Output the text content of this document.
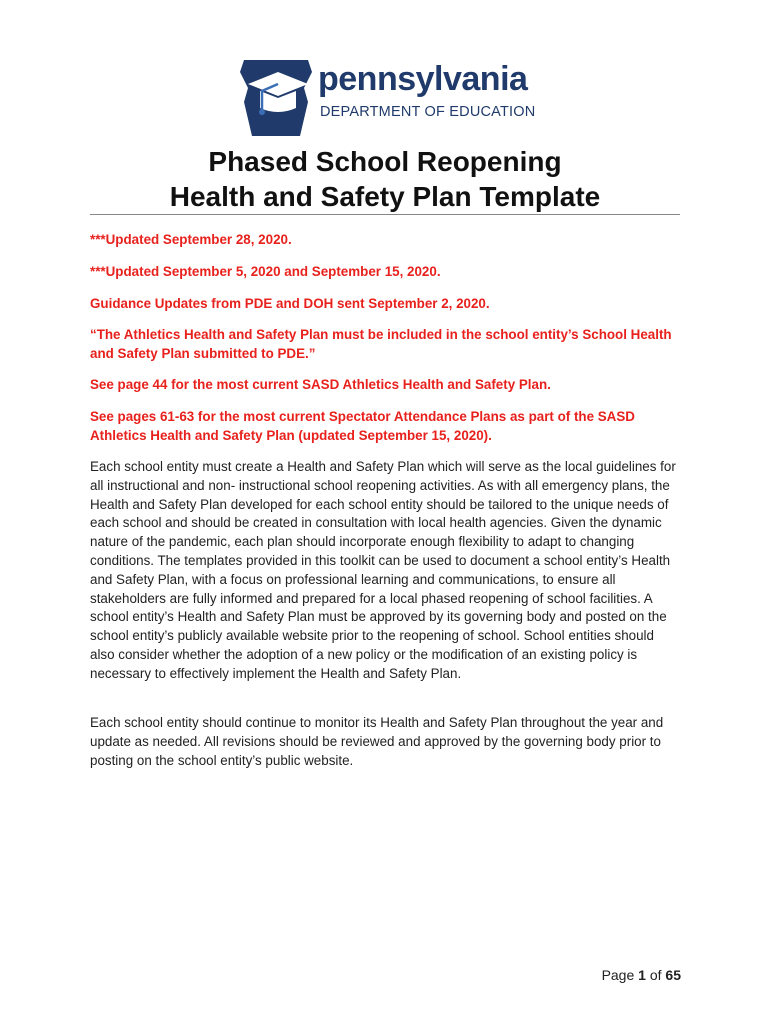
pennsylvania
DEPARTMENT OF EDUCATION
Phased School Reopening
Health and Safety Plan Template
***Updated September 28, 2020.
***Updated September 5, 2020 and September 15, 2020.
Guidance Updates from PDE and DOH sent September 2, 2020.
“The Athletics Health and Safety Plan must be included in the school entity’s School Health and Safety Plan submitted to PDE.”
See page 44 for the most current SASD Athletics Health and Safety Plan.
See pages 61-63 for the most current Spectator Attendance Plans as part of the SASD Athletics Health and Safety Plan (updated September 15, 2020).
Each school entity must create a Health and Safety Plan which will serve as the local guidelines for all instructional and non- instructional school reopening activities. As with all emergency plans, the Health and Safety Plan developed for each school entity should be tailored to the unique needs of each school and should be created in consultation with local health agencies. Given the dynamic nature of the pandemic, each plan should incorporate enough flexibility to adapt to changing conditions. The templates provided in this toolkit can be used to document a school entity’s Health and Safety Plan, with a focus on professional learning and communications, to ensure all stakeholders are fully informed and prepared for a local phased reopening of school facilities. A school entity’s Health and Safety Plan must be approved by its governing body and posted on the school entity’s publicly available website prior to the reopening of school. School entities should also consider whether the adoption of a new policy or the modification of an existing policy is necessary to effectively implement the Health and Safety Plan.
Each school entity should continue to monitor its Health and Safety Plan throughout the year and update as needed. All revisions should be reviewed and approved by the governing body prior to posting on the school entity’s public website.
Page 1 of 65
